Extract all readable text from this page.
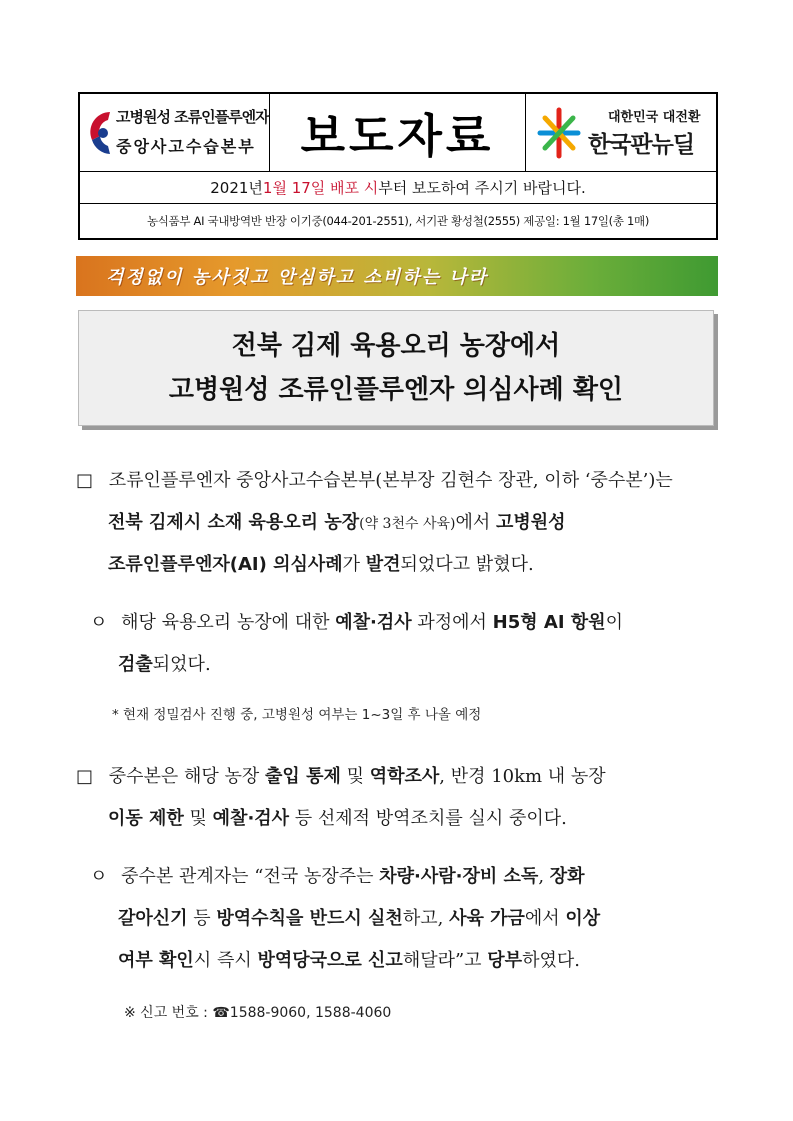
고병원성 조류인플루엔자
중앙사고수습본부 보도자료	대한민국 대전환
한국판뉴딜
2021년 1월 17일 배포 시 부터 보도하여 주시기 바랍니다.
농식품부 AI 국내방역반 반장 이기중(044-201-2551), 서기관 황성철(2555) 제공일: 1월 17일(총 1매)
걱정없이 농사짓고 안심하고 소비하는 나라
전북 김제 육용오리 농장에서
고병원성 조류인플루엔자 의심사례 확인
□ 조류인플루엔자 중앙사고수습본부(본부장 김현수 장관, 이하 ‘중수본’)는
전북 김제시 소재 육용오리 농장(약 3천수 사육)에서 고병원성
조류인플루엔자(AI) 의심사례가 발견되었다고 밝혔다.
ㅇ 해당 육용오리 농장에 대한 예찰·검사 과정에서 H5형 AI 항원이
검출되었다.
* 현재 정밀검사 진행 중, 고병원성 여부는 1~3일 후 나올 예정
□ 중수본은 해당 농장 출입 통제 및 역학조사, 반경 10km 내 농장
이동 제한 및 예찰·검사 등 선제적 방역조치를 실시 중이다.
ㅇ 중수본 관계자는 “전국 농장주는 차량·사람·장비 소독, 장화
갈아신기 등 방역수칙을 반드시 실천하고, 사육 가금에서 이상
여부 확인시 즉시 방역당국으로 신고해달라”고 당부하였다.
※ 신고 번호 : ☎1588-9060, 1588-4060
